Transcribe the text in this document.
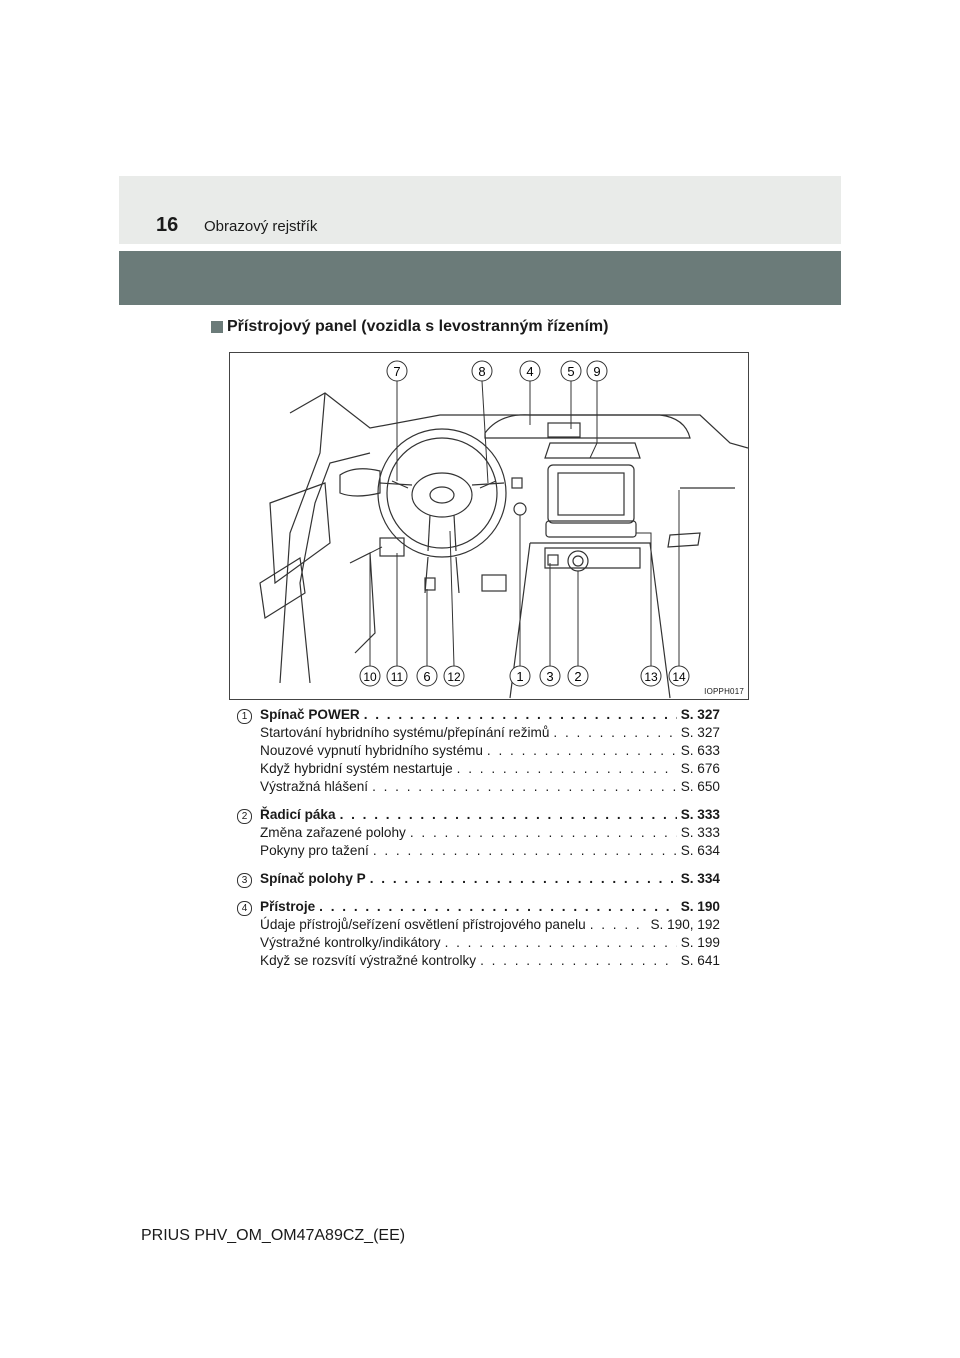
16 Obrazový rejstřík
Přístrojový panel (vozidla s levostranným řízením)
7	8	4	5 9
10 11 6 12	1 3 2	13 14
IOPPH017
1 Spínač POWER . . .	S. 327
Startování hybridního systému/přepínání režimů . . .	S. 327
Nouzové vypnutí hybridního systému . . .	S. 633
Když hybridní systém nestartuje . . .	S. 676
Výstražná hlášení . . .	S. 650
2 Řadicí páka . . .	S. 333
Změna zařazené polohy . . .	S. 333
Pokyny pro tažení . . .	S. 634
3 Spínač polohy P . . .	S. 334
4 Přístroje . . .	S. 190
Údaje přístrojů/seřízení osvětlení přístrojového panelu . . .	S. 190, 192
Výstražné kontrolky/indikátory . . .	S. 199
Když se rozsvítí výstražné kontrolky . . .	S. 641
PRIUS PHV_OM_OM47A89CZ_(EE)
